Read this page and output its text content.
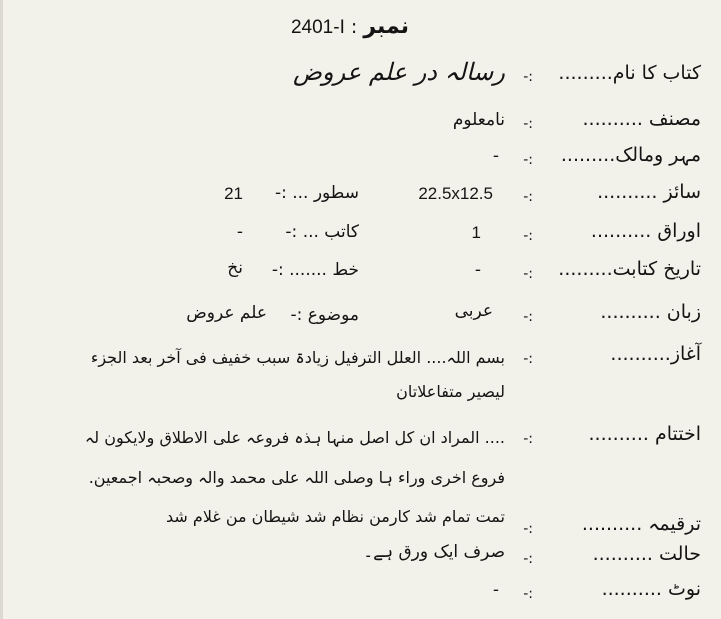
2401-I : نمبر
کتاب کا نام.........
:-
رسالہ در علم عروض
مصنف ..........
:-
نامعلوم
مہر ومالک.........
:-
-
سائز ..........
:-
22.5x12.5
سطور ... :-
21
اوراق ..........
:-
1
کاتب ... :-
-
تاریخ کتابت.........
:-
-
خط ....... :-
نخ
زبان ..........
:-
عربی
موضوع :-
علم عروض
آغاز..........
:-
بسم اللہ.... العلل الترفیل زیادۃ سبب خفیف فی آخر بعد الجزء
لیصیر متفاعلاتان
اختتام ..........
:-
.... المراد ان کل اصل منہا ہذہ فروعہ علی الاطلاق ولایکون لہ
فروع اخری وراء ہا وصلی اللہ علی محمد والہ وصحبہ اجمعین.
ترقیمہ ..........
:-
تمت تمام شد کارمن نظام شد شیطان من غلام شد
حالت ..........
:-
صرف ایک ورق ہے۔
نوٹ ..........
:-
-
